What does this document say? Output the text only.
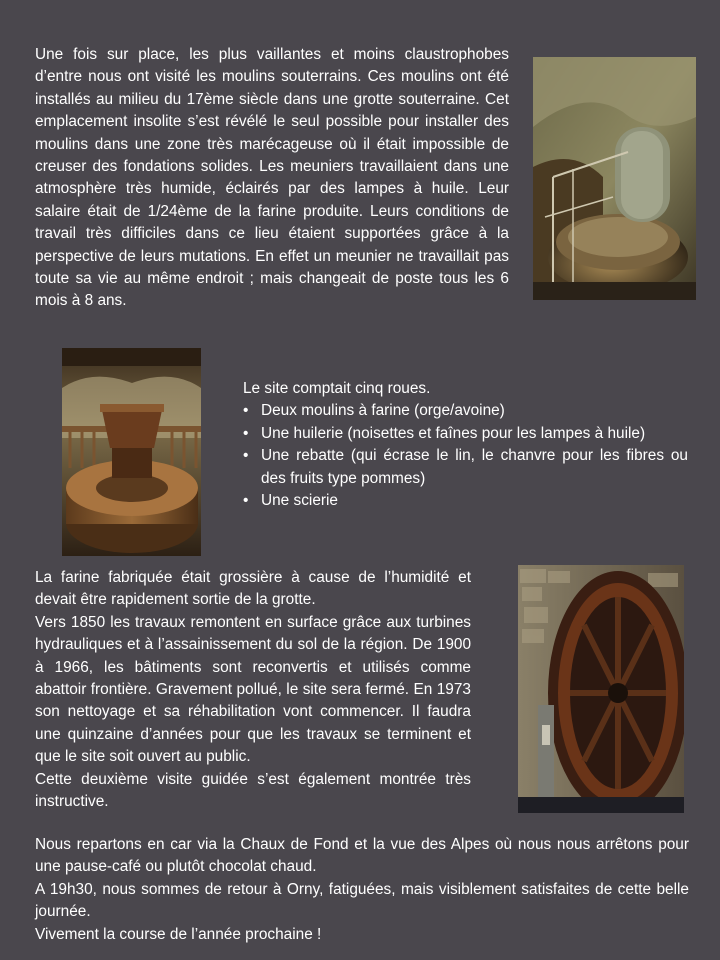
Une fois sur place, les plus vaillantes et moins claustrophobes d’entre nous ont visité les moulins souterrains. Ces moulins ont été installés au milieu du 17ème siècle dans une grotte souterraine. Cet emplacement insolite s’est révélé le seul possible pour installer des moulins dans une zone très marécageuse où il était impossible de creuser des fondations solides. Les meuniers travaillaient dans une atmosphère très humide, éclairés par des lampes à huile. Leur salaire était de 1/24ème de la farine produite. Leurs conditions de travail très difficiles dans ce lieu étaient supportées grâce à la perspective de leurs mutations. En effet un meunier ne travaillait pas toute sa vie au même endroit ; mais changeait de poste tous les 6 mois à 8 ans.

Le site comptait cinq roues.
• Deux moulins à farine (orge/avoine)
• Une huilerie (noisettes et faînes pour les lampes à huile)
• Une rebatte (qui écrase le lin, le chanvre pour les fibres ou des fruits type pommes)
• Une scierie
La farine fabriquée était grossière à cause de l’humidité et devait être rapidement sortie de la grotte.
Vers 1850 les travaux remontent en surface grâce aux turbines hydrauliques et à l’assainissement du sol de la région. De 1900 à 1966, les bâtiments sont reconvertis et utilisés comme abattoir frontière. Gravement pollué, le site sera fermé. En 1973 son nettoyage et sa réhabilitation vont commencer. Il faudra une quinzaine d’années pour que les travaux se terminent et que le site soit ouvert au public.
Cette deuxième visite guidée s’est également montrée très instructive.
Nous repartons en car via la Chaux de Fond et la vue des Alpes où nous nous arrêtons pour une pause-café ou plutôt chocolat chaud.
A 19h30, nous sommes de retour à Orny, fatiguées, mais visiblement satisfaites de cette belle journée.
Vivement la course de l’année prochaine !
